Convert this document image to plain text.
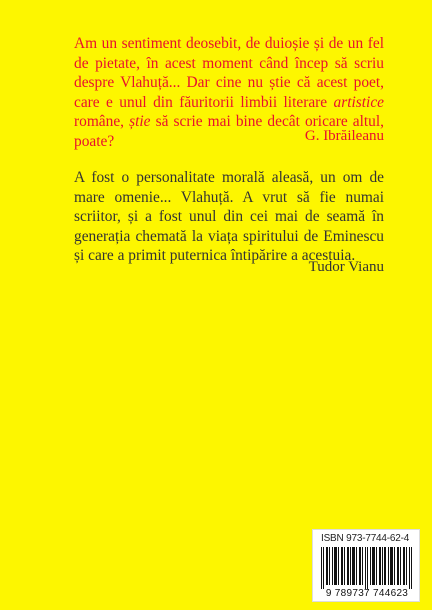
Am un sentiment deosebit, de duioșie și de un fel de pietate, în acest moment când încep să scriu despre Vlahuță... Dar cine nu știe că acest poet, care e unul din făuritorii limbii literare artistice române, știe să scrie mai bine decât oricare altul, poate?	G. Ibrăileanu

A fost o personalitate morală aleasă, un om de mare omenie... Vlahuță. A vrut să fie numai scriitor, și a fost unul din cei mai de seamă în generația chemată la viața spiritului de Eminescu și care a primit puternica întipărire a acestuia.

Tudor Vianu
ISBN 973-7744-62-4
9 789737 744623
